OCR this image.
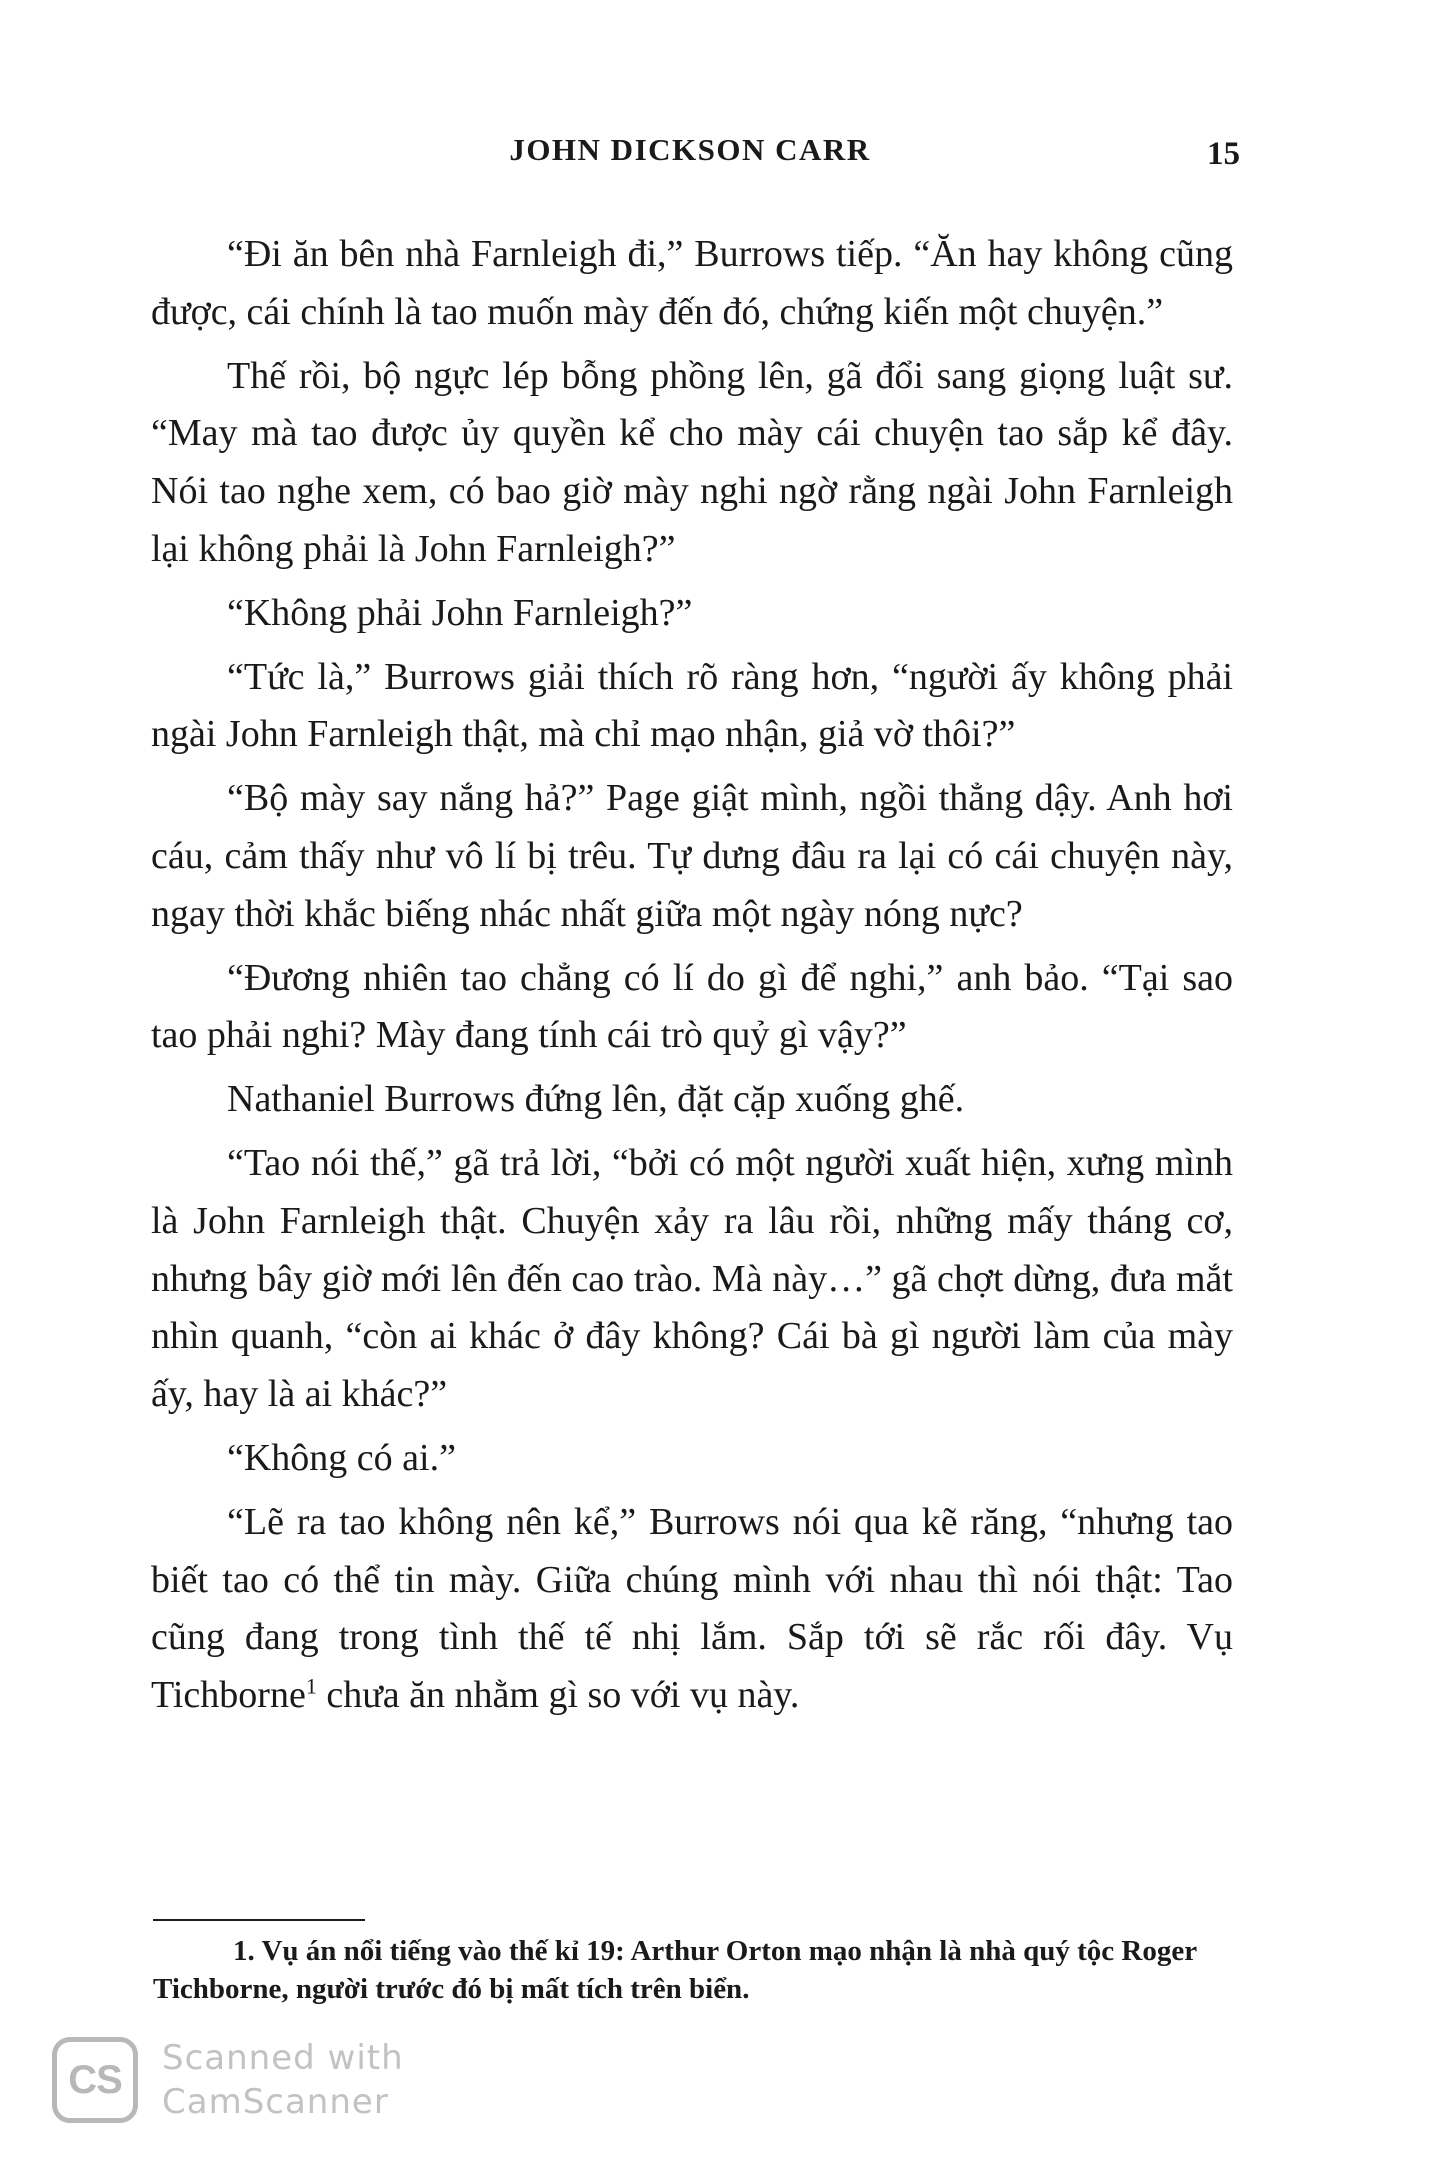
JOHN DICKSON CARR	15

“Đi ăn bên nhà Farnleigh đi,” Burrows tiếp. “Ăn hay không cũng được, cái chính là tao muốn mày đến đó, chứng kiến một chuyện.”

Thế rồi, bộ ngực lép bỗng phồng lên, gã đổi sang giọng luật sư. “May mà tao được ủy quyền kể cho mày cái chuyện tao sắp kể đây. Nói tao nghe xem, có bao giờ mày nghi ngờ rằng ngài John Farnleigh lại không phải là John Farnleigh?”

“Không phải John Farnleigh?”

“Tức là,” Burrows giải thích rõ ràng hơn, “người ấy không phải ngài John Farnleigh thật, mà chỉ mạo nhận, giả vờ thôi?”

“Bộ mày say nắng hả?” Page giật mình, ngồi thẳng dậy. Anh hơi cáu, cảm thấy như vô lí bị trêu. Tự dưng đâu ra lại có cái chuyện này, ngay thời khắc biếng nhác nhất giữa một ngày nóng nực?

“Đương nhiên tao chẳng có lí do gì để nghi,” anh bảo. “Tại sao tao phải nghi? Mày đang tính cái trò quỷ gì vậy?”

Nathaniel Burrows đứng lên, đặt cặp xuống ghế.

“Tao nói thế,” gã trả lời, “bởi có một người xuất hiện, xưng mình là John Farnleigh thật. Chuyện xảy ra lâu rồi, những mấy tháng cơ, nhưng bây giờ mới lên đến cao trào. Mà này…” gã chợt dừng, đưa mắt nhìn quanh, “còn ai khác ở đây không? Cái bà gì người làm của mày ấy, hay là ai khác?”

“Không có ai.”

“Lẽ ra tao không nên kể,” Burrows nói qua kẽ răng, “nhưng tao biết tao có thể tin mày. Giữa chúng mình với nhau thì nói thật: Tao cũng đang trong tình thế tế nhị lắm. Sắp tới sẽ rắc rối đây. Vụ Tichborne$^1$ chưa ăn nhằm gì so với vụ này.

1. Vụ án nổi tiếng vào thế kỉ 19: Arthur Orton mạo nhận là nhà quý tộc Roger Tichborne, người trước đó bị mất tích trên biển.
CS	Scanned with
CamScanner
